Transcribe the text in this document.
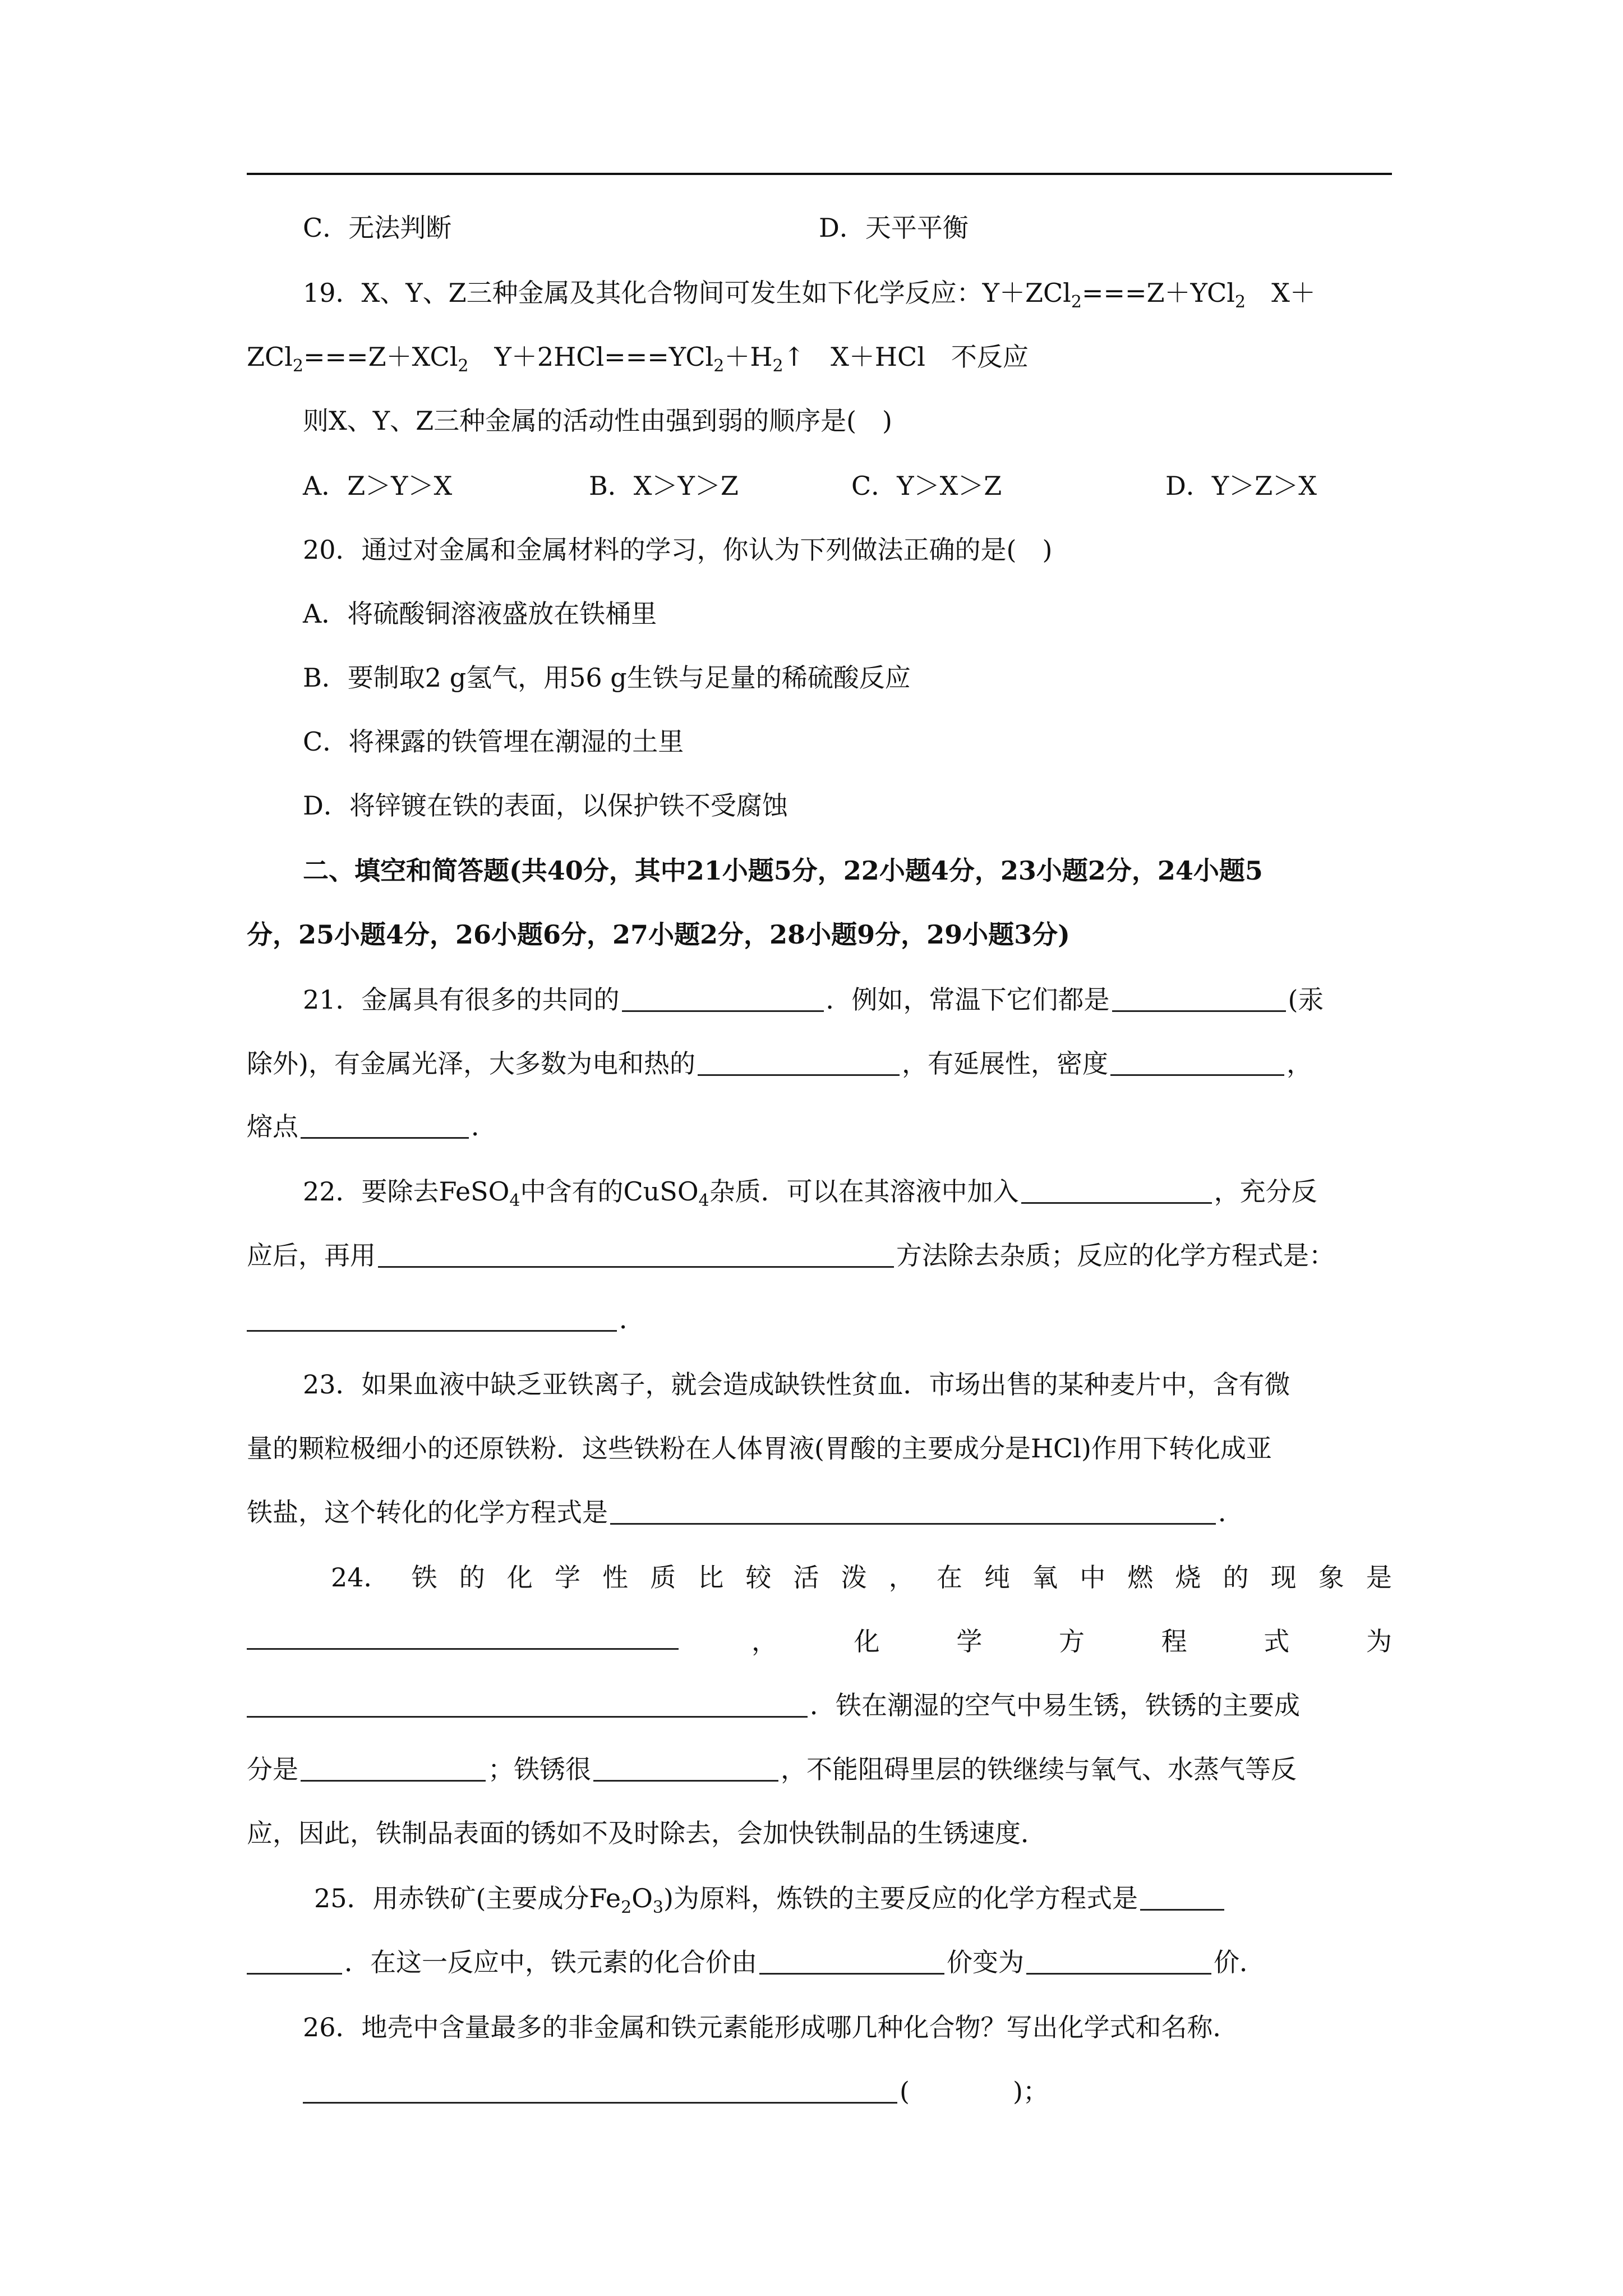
C．无法判断	D．天平平衡
19．X、Y、Z三种金属及其化合物间可发生如下化学反应：Y＋ZCl$_2$===Z＋YCl$_2$　X＋
ZCl$_2$===Z＋XCl$_2$　$Y+2HCl===YCl_2+H_2↑$　X＋HCl　不反应
则X、Y、Z三种金属的活动性由强到弱的顺序是(　)
A．Z＞Y＞X	B．X＞Y＞Z	C．Y＞X＞Z	D．Y＞Z＞X
20．通过对金属和金属材料的学习，你认为下列做法正确的是(　)
A．将硫酸铜溶液盛放在铁桶里
B．要制取2 g氢气，用56 g生铁与足量的稀硫酸反应
C．将裸露的铁管埋在潮湿的土里
D．将锌镀在铁的表面，以保护铁不受腐蚀
二、填空和简答题(共40分，其中21小题5分，22小题4分，23小题2分，24小题5
分，25小题4分，26小题6分，27小题2分，28小题9分，29小题3分)
21．金属具有很多的共同的	．例如，常温下它们都是	(汞
除外)，有金属光泽，大多数为电和热的	，有延展性，密度	，
熔点	．
22．要除去FeSO$_4$中含有的CuSO$_4$杂质．可以在其溶液中加入	，充分反
应后，再用	方法除去杂质；反应的化学方程式是：
．
23．如果血液中缺乏亚铁离子，就会造成缺铁性贫血．市场出售的某种麦片中，含有微
量的颗粒极细小的还原铁粉．这些铁粉在人体胃液(胃酸的主要成分是HCl)作用下转化成亚
铁盐，这个转化的化学方程式是	．
24． 铁 的 化 学 性 质 比 较 活 泼 ， 在 纯 氧 中 燃 烧 的 现 象 是
，	化	学	方	程	式	为
．铁在潮湿的空气中易生锈，铁锈的主要成
分是	；铁锈很	，不能阻碍里层的铁继续与氧气、水蒸气等反
应，因此，铁制品表面的锈如不及时除去，会加快铁制品的生锈速度．
25．用赤铁矿(主要成分$Fe_2O_3$)为原料，炼铁的主要反应的化学方程式是
．在这一反应中，铁元素的化合价由	价变为	价．
26．地壳中含量最多的非金属和铁元素能形成哪几种化合物？写出化学式和名称．
(　　　　)；
